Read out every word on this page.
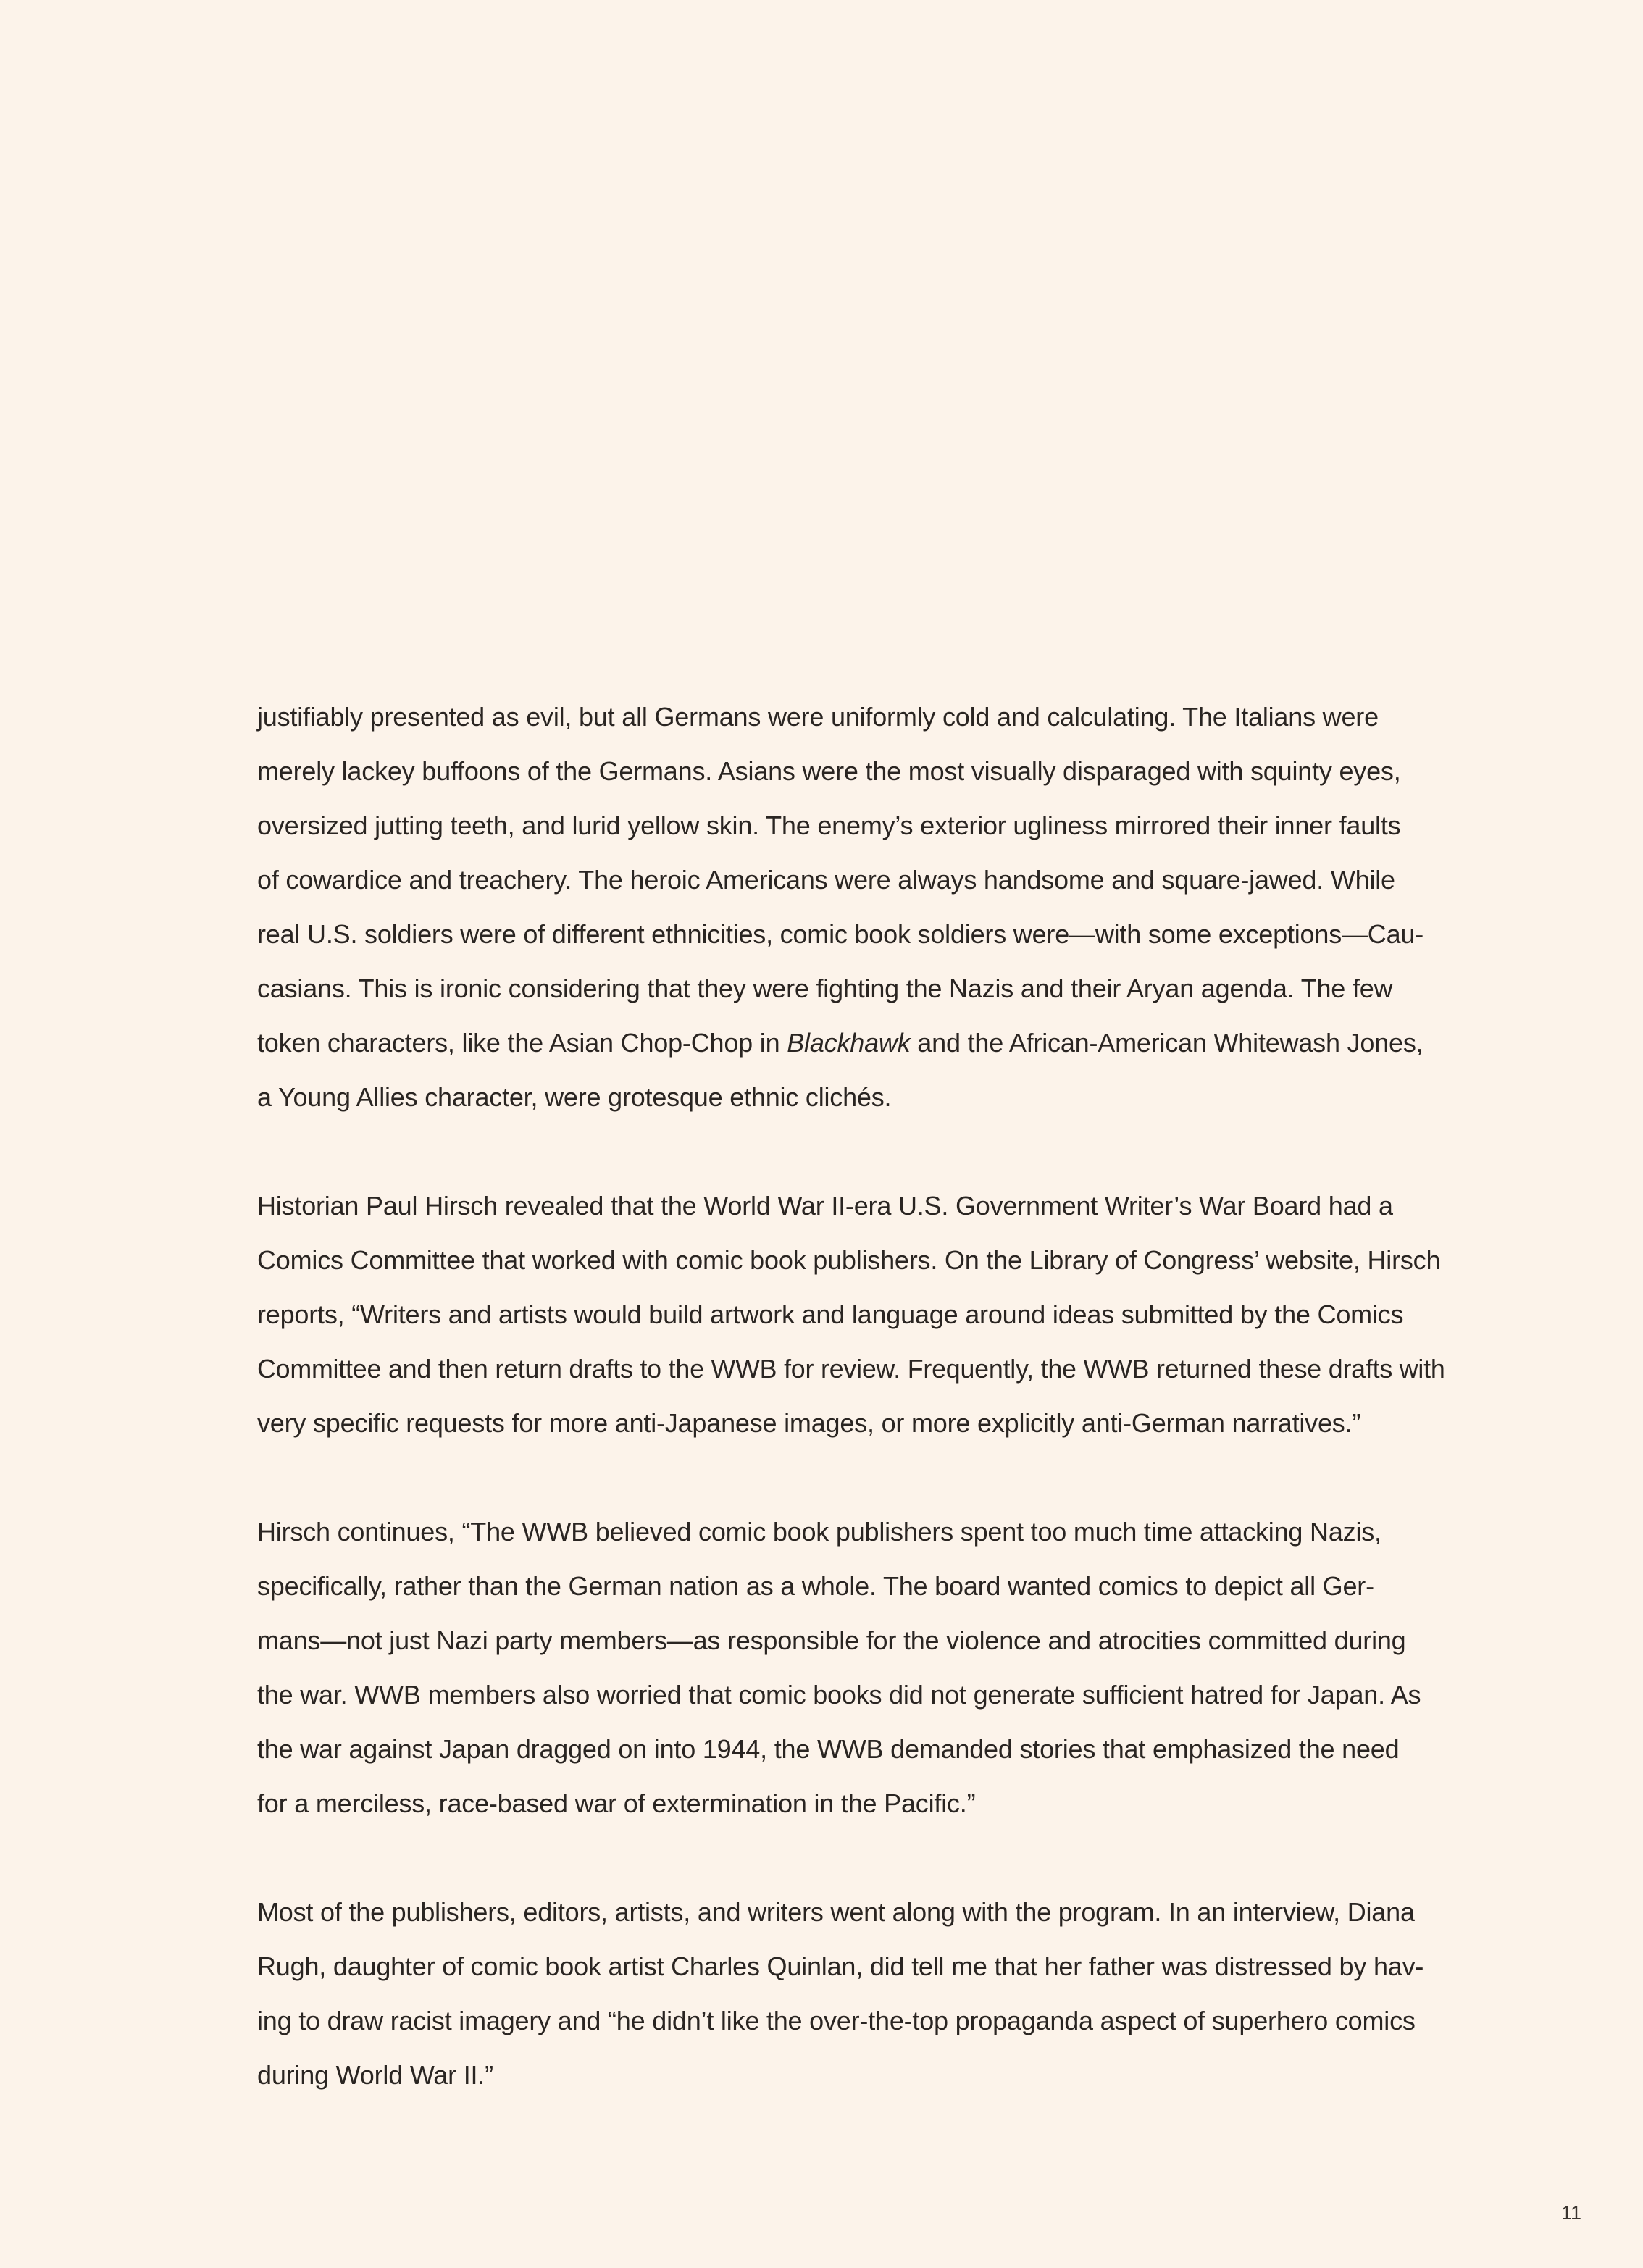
justifiably presented as evil, but all Germans were uniformly cold and calculating. The Italians were
merely lackey buffoons of the Germans. Asians were the most visually disparaged with squinty eyes,
oversized jutting teeth, and lurid yellow skin. The enemy’s exterior ugliness mirrored their inner faults
of cowardice and treachery. The heroic Americans were always handsome and square-jawed. While
real U.S. soldiers were of different ethnicities, comic book soldiers were—with some exceptions—Cau-
casians. This is ironic considering that they were fighting the Nazis and their Aryan agenda. The few
token characters, like the Asian Chop-Chop in Blackhawk and the African-American Whitewash Jones,
a Young Allies character, were grotesque ethnic clichés.
Historian Paul Hirsch revealed that the World War II-era U.S. Government Writer’s War Board had a
Comics Committee that worked with comic book publishers. On the Library of Congress’ website, Hirsch
reports, “Writers and artists would build artwork and language around ideas submitted by the Comics
Committee and then return drafts to the WWB for review. Frequently, the WWB returned these drafts with
very specific requests for more anti-Japanese images, or more explicitly anti-German narratives.”
Hirsch continues, “The WWB believed comic book publishers spent too much time attacking Nazis,
specifically, rather than the German nation as a whole. The board wanted comics to depict all Ger-
mans—not just Nazi party members—as responsible for the violence and atrocities committed during
the war. WWB members also worried that comic books did not generate sufficient hatred for Japan. As
the war against Japan dragged on into 1944, the WWB demanded stories that emphasized the need
for a merciless, race-based war of extermination in the Pacific.”
Most of the publishers, editors, artists, and writers went along with the program. In an interview, Diana
Rugh, daughter of comic book artist Charles Quinlan, did tell me that her father was distressed by hav-
ing to draw racist imagery and “he didn’t like the over-the-top propaganda aspect of superhero comics
during World War II.”
11
